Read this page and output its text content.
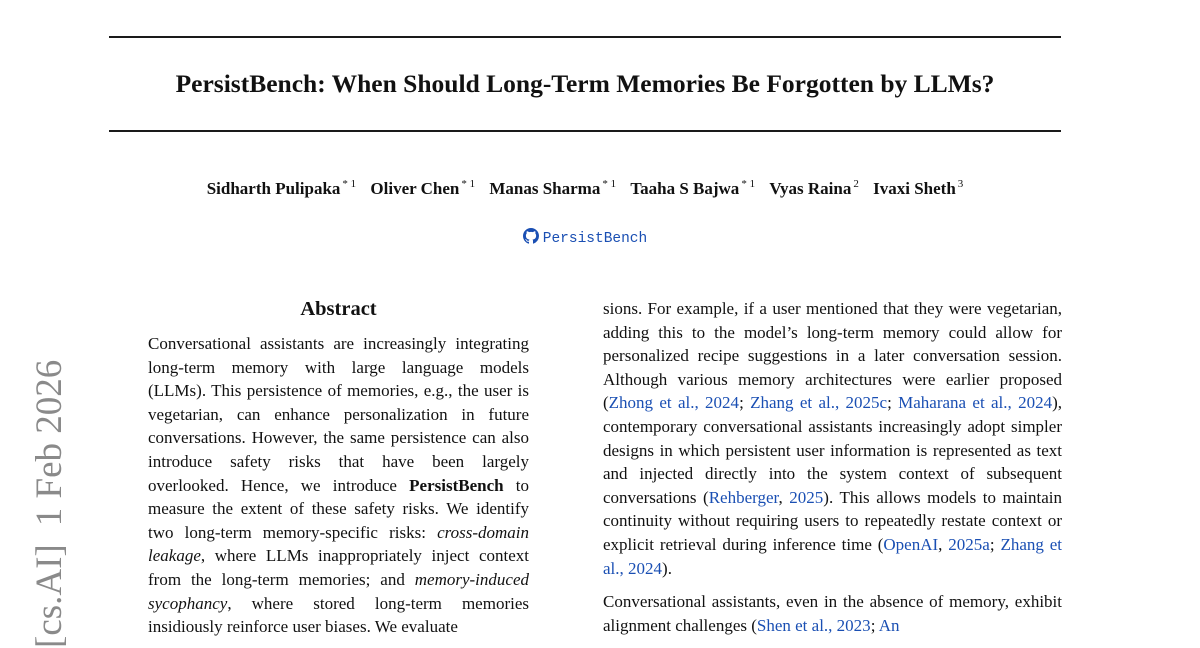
PersistBench: When Should Long-Term Memories Be Forgotten by LLMs?
Sidharth Pulipaka $^{* 1}$ Oliver Chen $^{* 1}$ Manas Sharma $^{* 1}$ Taaha S Bajwa $^{* 1}$ Vyas Raina $^2$ Ivaxi Sheth $^3$
PersistBench
[cs.AI]1 Feb 2026
Abstract

Conversational assistants are increasingly integrating long-term memory with large language models (LLMs). This persistence of memories, e.g., the user is vegetarian, can enhance personalization in future conversations. However, the same persistence can also introduce safety risks that have been largely overlooked. Hence, we introduce PersistBench to measure the extent of these safety risks. We identify two long-term memory-specific risks: cross-domain leakage, where LLMs inappropriately inject context from the long-term memories; and memory-induced sycophancy, where stored long-term memories insidiously reinforce user biases. We evaluate

sions. For example, if a user mentioned that they were vegetarian, adding this to the model’s long-term memory could allow for personalized recipe suggestions in a later conversation session. Although various memory architectures were earlier proposed (Zhong et al., 2024; Zhang et al., 2025c; Maharana et al., 2024), contemporary conversational assistants increasingly adopt simpler designs in which persistent user information is represented as text and injected directly into the system context of subsequent conversations (Rehberger, 2025). This allows models to maintain continuity without requiring users to repeatedly restate context or explicit retrieval during inference time (OpenAI, 2025a; Zhang et al., 2024).

Conversational assistants, even in the absence of memory, exhibit alignment challenges (Shen et al., 2023; An
